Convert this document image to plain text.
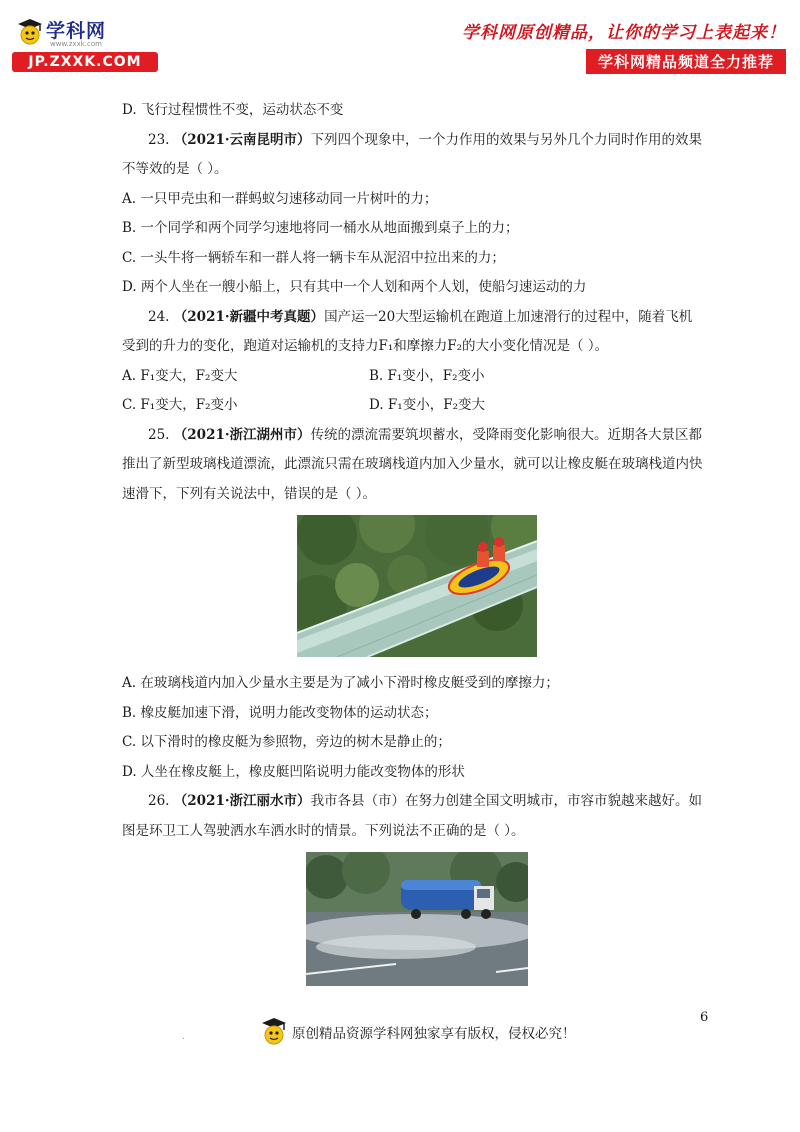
学科网
www.zxxk.com
JP.ZXXK.COM
学科网原创精品，让你的学习上表起来！
学科网精品频道全力推荐
D. 飞行过程惯性不变，运动状态不变
23. （2021·云南昆明市）下列四个现象中，一个力作用的效果与另外几个力同时作用的效果
不等效的是（ ）。
A. 一只甲壳虫和一群蚂蚁匀速移动同一片树叶的力；
B. 一个同学和两个同学匀速地将同一桶水从地面搬到桌子上的力；
C. 一头牛将一辆轿车和一群人将一辆卡车从泥沼中拉出来的力；
D. 两个人坐在一艘小船上，只有其中一个人划和两个人划，使船匀速运动的力
24. （2021·新疆中考真题）国产运一20大型运输机在跑道上加速滑行的过程中，随着飞机
受到的升力的变化，跑道对运输机的支持力F₁和摩擦力F₂的大小变化情况是（ ）。
A. F₁变大，F₂变大	B. F₁变小，F₂变小
C. F₁变大，F₂变小	D. F₁变小，F₂变大
25. （2021·浙江湖州市）传统的漂流需要筑坝蓄水，受降雨变化影响很大。近期各大景区都
推出了新型玻璃栈道漂流，此漂流只需在玻璃栈道内加入少量水，就可以让橡皮艇在玻璃栈道内快
速滑下，下列有关说法中，错误的是（ ）。
A. 在玻璃栈道内加入少量水主要是为了减小下滑时橡皮艇受到的摩擦力；
B. 橡皮艇加速下滑，说明力能改变物体的运动状态；
C. 以下滑时的橡皮艇为参照物，旁边的树木是静止的；
D. 人坐在橡皮艇上，橡皮艇凹陷说明力能改变物体的形状
26. （2021·浙江丽水市）我市各县（市）在努力创建全国文明城市，市容市貌越来越好。如
图是环卫工人驾驶洒水车洒水时的情景。下列说法不正确的是（ ）。
6
.	原创精品资源学科网独家享有版权，侵权必究！
